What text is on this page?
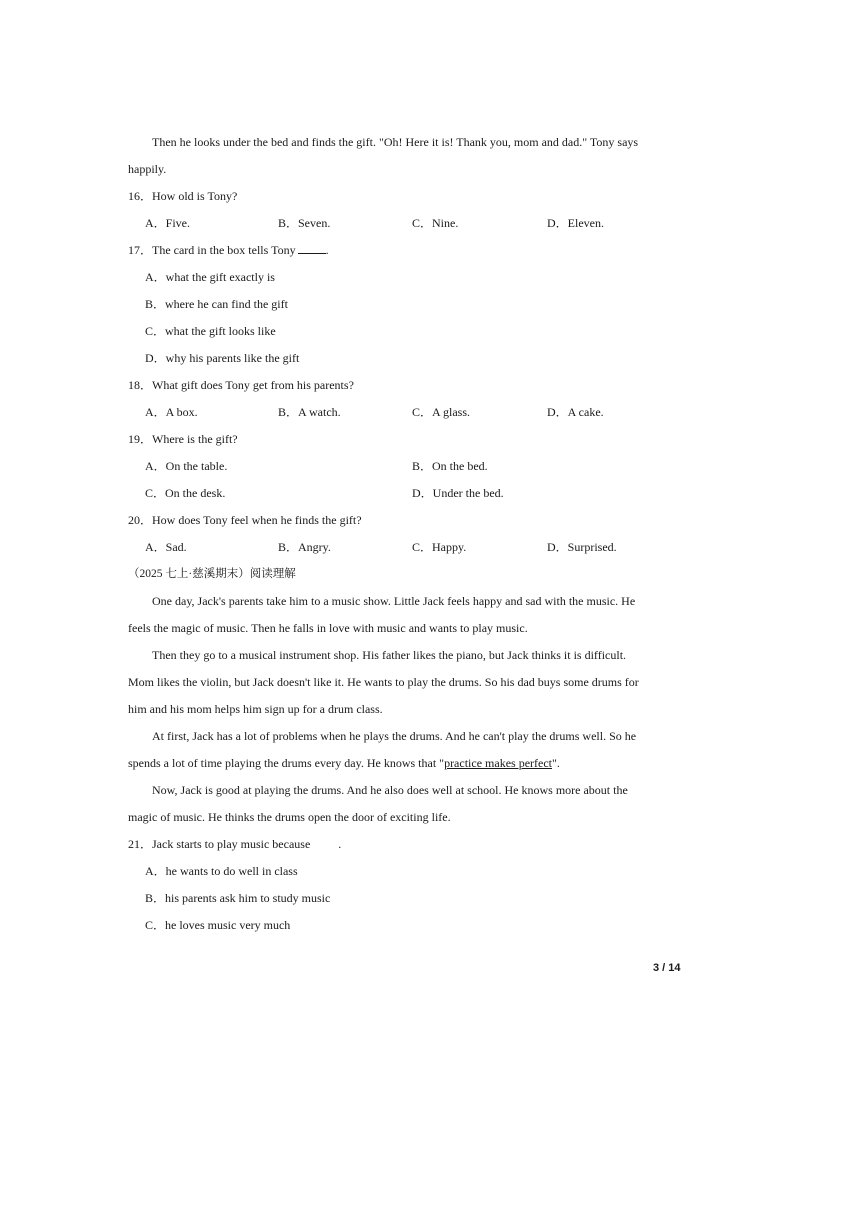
Then he looks under the bed and finds the gift. "Oh! Here it is! Thank you, mom and dad." Tony says
happily.
16．How old is Tony?
A．Five.	B．Seven.	C．Nine.	D．Eleven.
17．The card in the box tells Tony	.
A．what the gift exactly is
B．where he can find the gift
C．what the gift looks like
D．why his parents like the gift
18．What gift does Tony get from his parents?
A．A box.	B．A watch.	C．A glass.	D．A cake.
19．Where is the gift?
A．On the table.	B．On the bed.
C．On the desk.	D．Under the bed.
20．How does Tony feel when he finds the gift?
A．Sad.	B．Angry.	C．Happy.	D．Surprised.
（2025 七上·慈溪期末）阅读理解
One day, Jack's parents take him to a music show. Little Jack feels happy and sad with the music. He
feels the magic of music. Then he falls in love with music and wants to play music.
Then they go to a musical instrument shop. His father likes the piano, but Jack thinks it is difficult.
Mom likes the violin, but Jack doesn't like it. He wants to play the drums. So his dad buys some drums for
him and his mom helps him sign up for a drum class.
At first, Jack has a lot of problems when he plays the drums. And he can't play the drums well. So he
spends a lot of time playing the drums every day. He knows that "practice makes perfect".
Now, Jack is good at playing the drums. And he also does well at school. He knows more about the
magic of music. He thinks the drums open the door of exciting life.
21．Jack starts to play music because .
A．he wants to do well in class
B．his parents ask him to study music
C．he loves music very much
3 / 14
